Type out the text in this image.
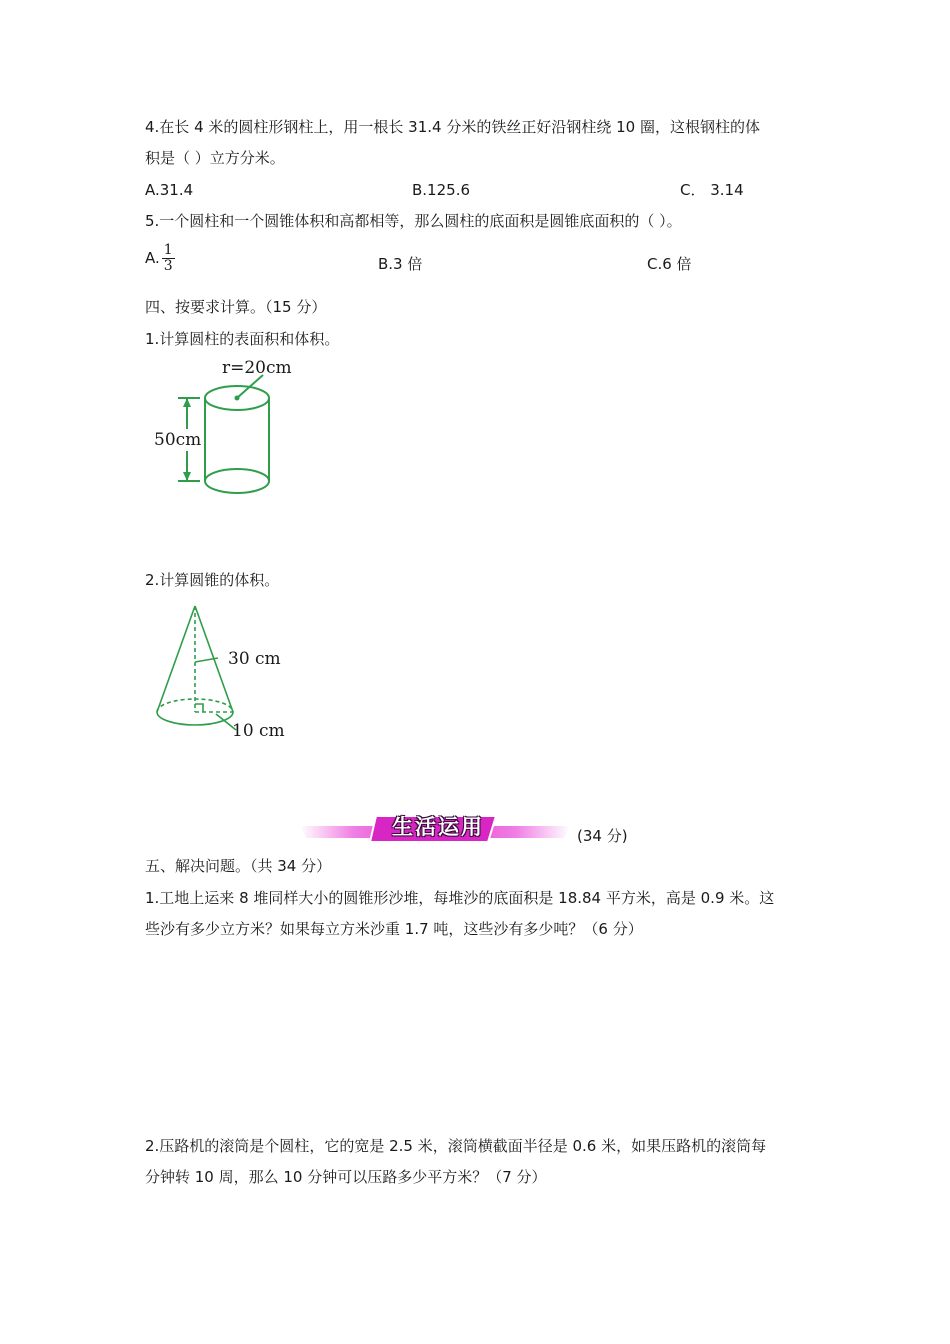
4.在长 4 米的圆柱形钢柱上，用一根长 31.4 分米的铁丝正好沿钢柱绕 10 圈，这根钢柱的体
积是（ ）立方分米。
A.31.4	B.125.6	C． 3.14
5.一个圆柱和一个圆锥体积和高都相等，那么圆柱的底面积是圆锥底面积的（ ）。
A. $\frac{1}{3}$	B.3 倍	C.6 倍
四、按要求计算。（15 分）
1.计算圆柱的表面积和体积。
r=20cm
50cm
2.计算圆锥的体积。
30 cm
10 cm
生活运用	(34 分)
五、解决问题。（共 34 分）
1.工地上运来 8 堆同样大小的圆锥形沙堆，每堆沙的底面积是 18.84 平方米，高是 0.9 米。这
些沙有多少立方米？如果每立方米沙重 1.7 吨，这些沙有多少吨？（6 分）
2.压路机的滚筒是个圆柱，它的宽是 2.5 米，滚筒横截面半径是 0.6 米，如果压路机的滚筒每
分钟转 10 周，那么 10 分钟可以压路多少平方米？（7 分）
